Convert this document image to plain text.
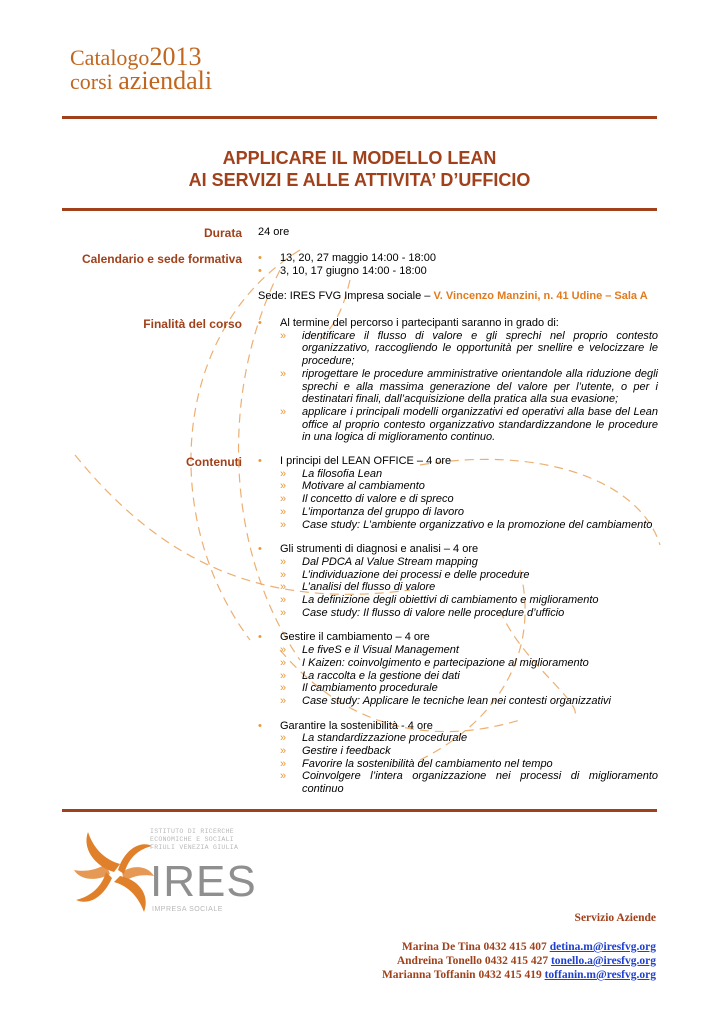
Catalogo2013
corsi aziendali
APPLICARE IL MODELLO LEAN
AI SERVIZI E ALLE ATTIVITA’ D’UFFICIO
Durata 24 ore
Calendario e sede formativa	• 13, 20, 27 maggio 14:00 - 18:00
• 3, 10, 17 giugno 14:00 - 18:00
Sede: IRES FVG Impresa sociale – V. Vincenzo Manzini, n. 41 Udine – Sala A
Finalità del corso	• Al termine del percorso i partecipanti saranno in grado di:
» identificare il flusso di valore e gli sprechi nel proprio contesto organizzativo, raccogliendo le opportunità per snellire e velocizzare le procedure;
» riprogettare le procedure amministrative orientandole alla riduzione degli sprechi e alla massima generazione del valore per l’utente, o per i destinatari finali, dall’acquisizione della pratica alla sua evasione;
» applicare i principali modelli organizzativi ed operativi alla base del Lean office al proprio contesto organizzativo standardizzandone le procedure in una logica di miglioramento continuo.
Contenuti	• I principi del LEAN OFFICE – 4 ore
» La filosofia Lean
» Motivare al cambiamento
» Il concetto di valore e di spreco
» L’importanza del gruppo di lavoro
» Case study: L’ambiente organizzativo e la promozione del cambiamento
• Gli strumenti di diagnosi e analisi – 4 ore
» Dal PDCA al Value Stream mapping
» L’individuazione dei processi e delle procedure
» L’analisi del flusso di valore
» La definizione degli obiettivi di cambiamento e miglioramento
» Case study: Il flusso di valore nelle procedure d’ufficio
• Gestire il cambiamento – 4 ore
» Le fiveS e il Visual Management
» I Kaizen: coinvolgimento e partecipazione al miglioramento
» La raccolta e la gestione dei dati
» Il cambiamento procedurale
» Case study: Applicare le tecniche lean nei contesti organizzativi
• Garantire la sostenibilità - 4 ore
» La standardizzazione procedurale
» Gestire i feedback
» Favorire la sostenibilità del cambiamento nel tempo
» Coinvolgere l’intera organizzazione nei processi di miglioramento continuo
ISTITUTO DI RICERCHE ECONOMICHE E SOCIALI FRIULI VENEZIA GIULIA
IRES
IMPRESA SOCIALE
Servizio Aziende
Marina De Tina 0432 415 407 detina.m@iresfvg.org
Andreina Tonello 0432 415 427 tonello.a@iresfvg.org
Marianna Toffanin 0432 415 419 toffanin.m@resfvg.org
